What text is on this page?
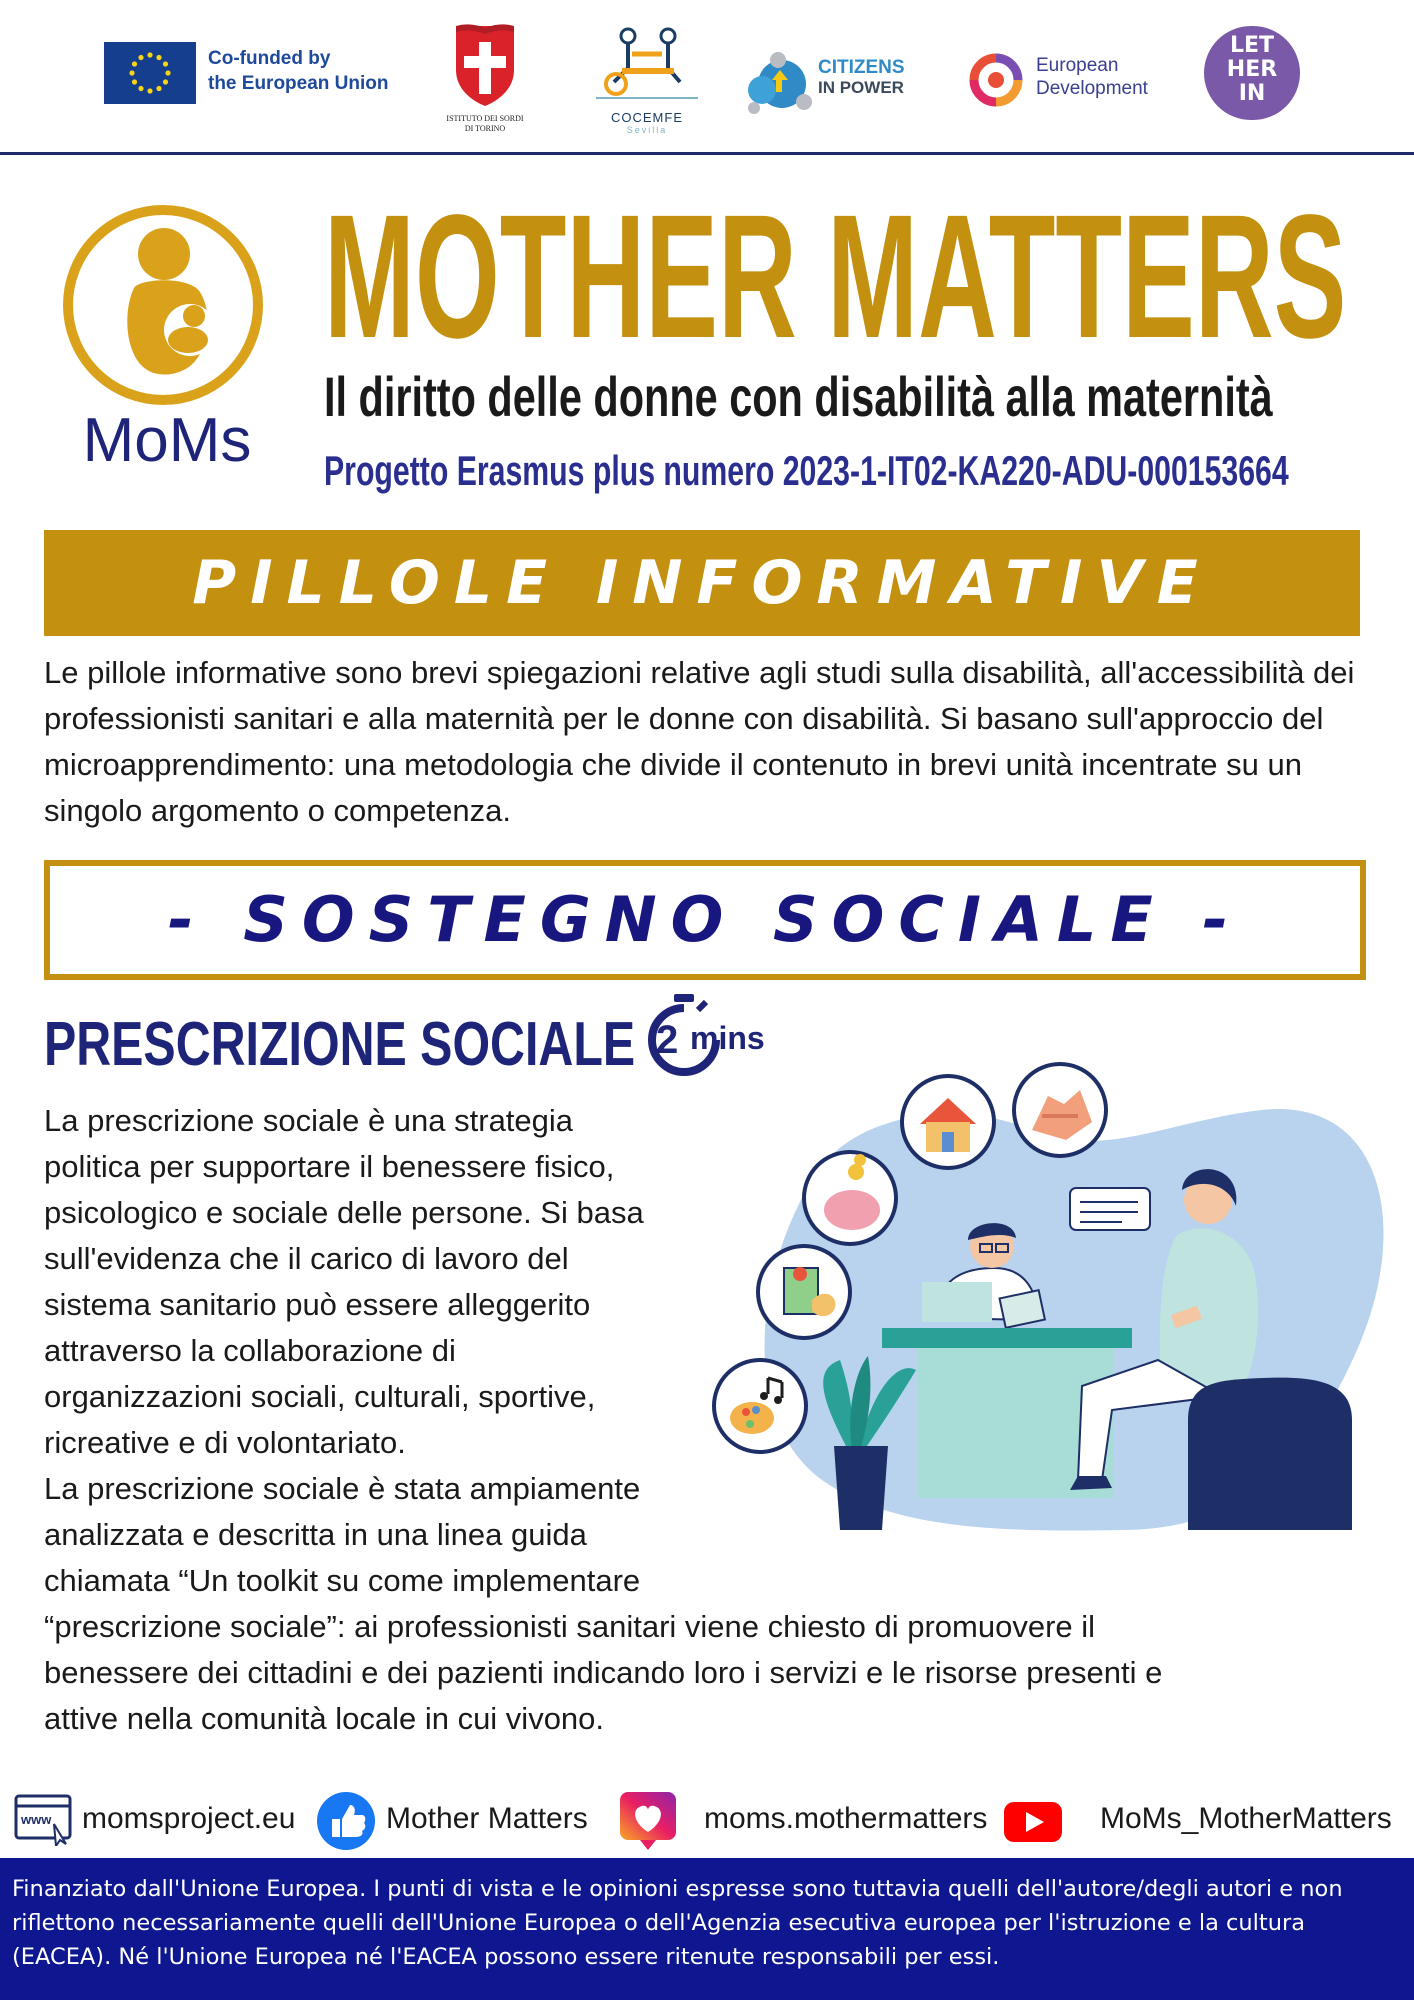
Co-funded by
the European Union
ISTITUTO DEI SORDI
DI TORINO
COCEMFE
Sevilla
CITIZENS
IN POWER
European
Development
LET
HER
IN
MoMs
MOTHER MATTERS
Il diritto delle donne con disabilità alla maternità
Progetto Erasmus plus numero 2023-1-IT02-KA220-ADU-000153664
PILLOLE INFORMATIVE
Le pillole informative sono brevi spiegazioni relative agli studi sulla disabilità, all'accessibilità dei professionisti sanitari e alla maternità per le donne con disabilità. Si basano sull'approccio del microapprendimento: una metodologia che divide il contenuto in brevi unità incentrate su un singolo argomento o competenza.
- SOSTEGNO SOCIALE -
PRESCRIZIONE SOCIALE 2 mins
La prescrizione sociale è una strategia
politica per supportare il benessere fisico,
psicologico e sociale delle persone. Si basa
sull'evidenza che il carico di lavoro del
sistema sanitario può essere alleggerito
attraverso la collaborazione di
organizzazioni sociali, culturali, sportive,
ricreative e di volontariato.
La prescrizione sociale è stata ampiamente
analizzata e descritta in una linea guida
chiamata “Un toolkit su come implementare
“prescrizione sociale”: ai professionisti sanitari viene chiesto di promuovere il
benessere dei cittadini e dei pazienti indicando loro i servizi e le risorse presenti e
attive nella comunità locale in cui vivono.
www momsproject.eu	Mother Matters	moms.mothermatters	MoMs_MotherMatters

Finanziato dall'Unione Europea. I punti di vista e le opinioni espresse sono tuttavia quelli dell'autore/degli autori e non riflettono necessariamente quelli dell'Unione Europea o dell'Agenzia esecutiva europea per l'istruzione e la cultura (EACEA). Né l'Unione Europea né l'EACEA possono essere ritenute responsabili per essi.
